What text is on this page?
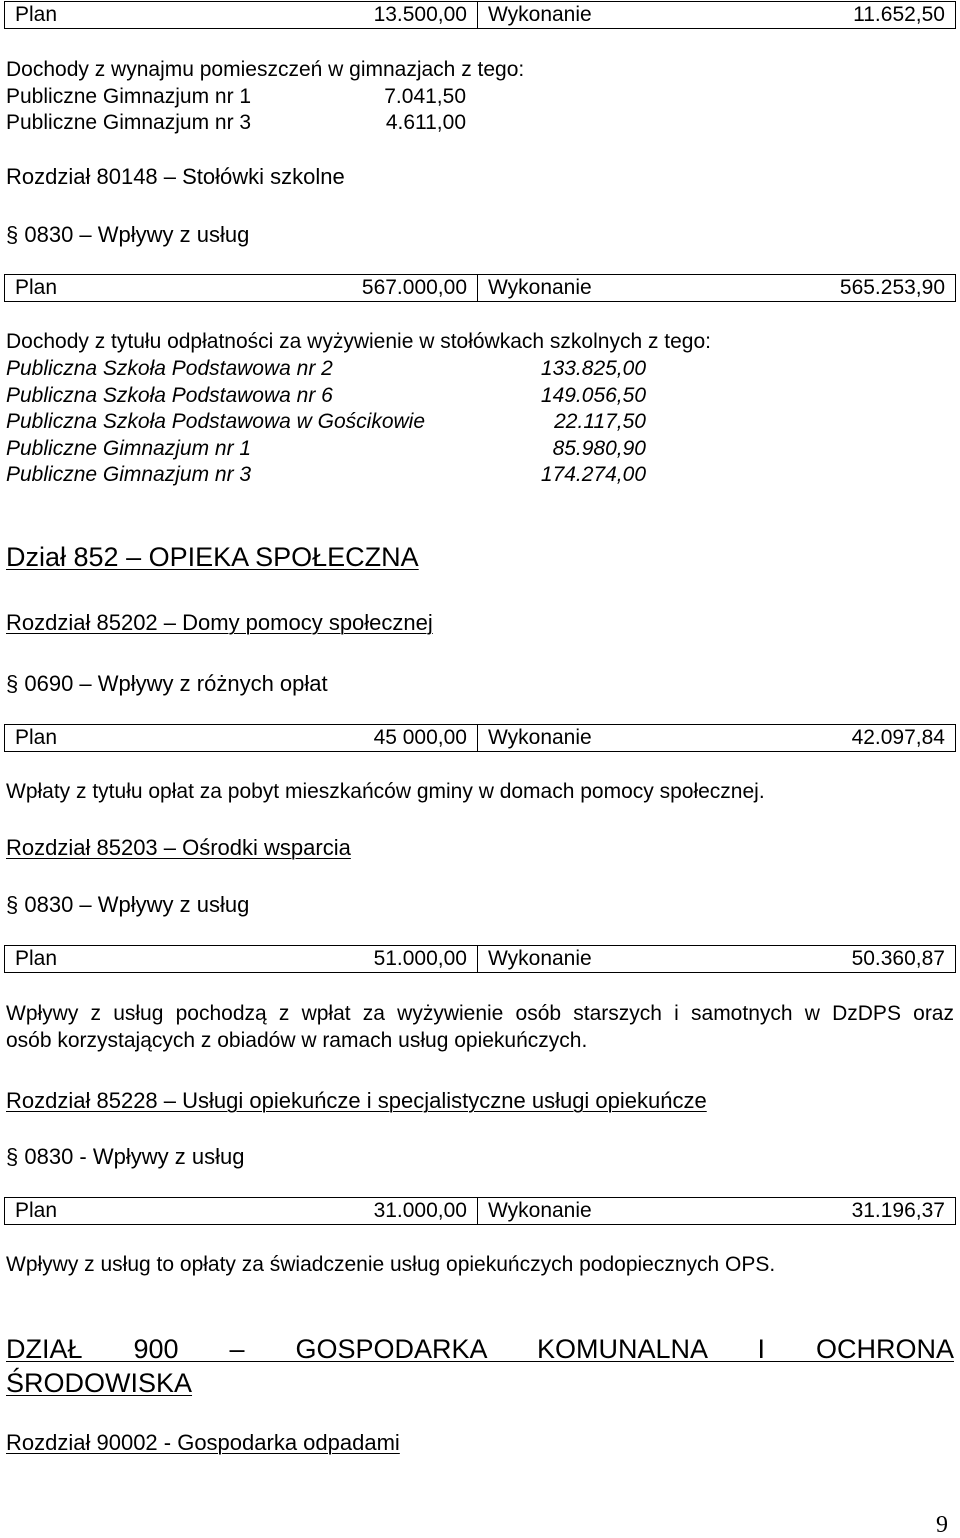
Plan	13.500,00	Wykonanie	11.652,50
Dochody z wynajmu pomieszczeń w gimnazjach z tego:
Publiczne Gimnazjum nr 1	7.041,50
Publiczne Gimnazjum nr 3	4.611,00
Rozdział 80148 – Stołówki szkolne
§ 0830 – Wpływy z usług
Plan	567.000,00	Wykonanie	565.253,90
Dochody z tytułu odpłatności za wyżywienie w stołówkach szkolnych z tego:
Publiczna Szkoła Podstawowa nr 2	133.825,00
Publiczna Szkoła Podstawowa nr 6	149.056,50
Publiczna Szkoła Podstawowa w Gościkowie	22.117,50
Publiczne Gimnazjum nr 1	85.980,90
Publiczne Gimnazjum nr 3	174.274,00
Dział 852 – OPIEKA SPOŁECZNA
Rozdział 85202 – Domy pomocy społecznej
§ 0690 – Wpływy z różnych opłat
Plan	45 000,00	Wykonanie	42.097,84
Wpłaty z tytułu opłat za pobyt mieszkańców gminy w domach pomocy społecznej.
Rozdział 85203 – Ośrodki wsparcia
§ 0830 – Wpływy z usług
Plan	51.000,00	Wykonanie	50.360,87
Wpływy z usług pochodzą z wpłat za wyżywienie osób starszych i samotnych w DzDPS oraz
osób korzystających z obiadów w ramach usług opiekuńczych.
Rozdział 85228 – Usługi opiekuńcze i specjalistyczne usługi opiekuńcze
§ 0830 - Wpływy z usług
Plan	31.000,00	Wykonanie	31.196,37
Wpływy z usług to opłaty za świadczenie usług opiekuńczych podopiecznych OPS.
DZIAŁ 900 – GOSPODARKA KOMUNALNA I OCHRONA
ŚRODOWISKA
Rozdział 90002 - Gospodarka odpadami
9
